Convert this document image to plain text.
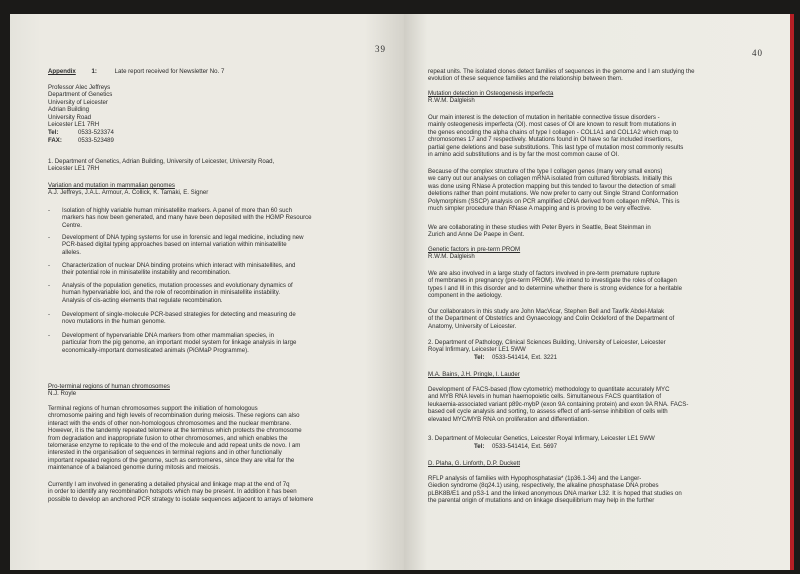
39
Appendix	1:	Late report received for Newsletter No. 7
Professor Alec Jeffreys
Department of Genetics
University of Leicester
Adrian Building
University Road
Leicester LE1 7RH
Tel:	0533-523374
FAX:	0533-523489
1. Department of Genetics, Adrian Building, University of Leicester, University Road,
Leicester LE1 7RH
Variation and mutation in mammalian genomes
A.J. Jeffreys, J.A.L. Armour, A. Collick, K. Tamaki, E. Signer
- Isolation of highly variable human minisatellite markers. A panel of more than 60 such
markers has now been generated, and many have been deposited with the HGMP Resource
Centre.
- Development of DNA typing systems for use in forensic and legal medicine, including new
PCR-based digital typing approaches based on internal variation within minisatellite
alleles.
- Characterization of nuclear DNA binding proteins which interact with minisatellites, and
their potential role in minisatellite instability and recombination.
- Analysis of the population genetics, mutation processes and evolutionary dynamics of
human hypervariable loci, and the role of recombination in minisatellite instability.
Analysis of cis-acting elements that regulate recombination.
- Development of single-molecule PCR-based strategies for detecting and measuring de
novo mutations in the human genome.
- Development of hypervariable DNA markers from other mammalian species, in
particular from the pig genome, an important model system for linkage analysis in large
economically-important domesticated animals (PiGMaP Programme).
Pro-terminal regions of human chromosomes
N.J. Royle
Terminal regions of human chromosomes support the initiation of homologous
chromosome pairing and high levels of recombination during meiosis. These regions can also
interact with the ends of other non-homologous chromosomes and the nuclear membrane.
However, it is the tandemly repeated telomere at the terminus which protects the chromosome
from degradation and inappropriate fusion to other chromosomes, and which enables the
telomerase enzyme to replicate to the end of the molecule and add repeat units de novo. I am
interested in the organisation of sequences in terminal regions and in other functionally
important repeated regions of the genome, such as centromeres, since they are vital for the
maintenance of a balanced genome during mitosis and meiosis.
Currently I am involved in generating a detailed physical and linkage map at the end of 7q
in order to identify any recombination hotspots which may be present. In addition it has been
possible to develop an anchored PCR strategy to isolate sequences adjacent to arrays of telomere
40
repeat units. The isolated clones detect families of sequences in the genome and I am studying the
evolution of these sequence families and the relationship between them.
Mutation detection in Osteogenesis imperfecta
R.W.M. Dalgleish
Our main interest is the detection of mutation in heritable connective tissue disorders -
mainly osteogenesis imperfecta (OI). most cases of OI are known to result from mutations in
the genes encoding the alpha chains of type I collagen - COL1A1 and COL1A2 which map to
chromosomes 17 and 7 respectively. Mutations found in OI have so far included insertions,
partial gene deletions and base substitutions. This last type of mutation most commonly results
in amino acid substitutions and is by far the most common cause of OI.
Because of the complex structure of the type I collagen genes (many very small exons)
we carry out our analyses on collagen mRNA isolated from cultured fibroblasts. Initially this
was done using RNase A protection mapping but this tended to favour the detection of small
deletions rather than point mutations. We now prefer to carry out Single Strand Conformation
Polymorphism (SSCP) analysis on PCR amplified cDNA derived from collagen mRNA. This is
much simpler procedure than RNase A mapping and is proving to be very effective.
We are collaborating in these studies with Peter Byers in Seattle, Beat Steinman in
Zurich and Anne De Paepe in Gent.
Genetic factors in pre-term PROM
R.W.M. Dalgleish
We are also involved in a large study of factors involved in pre-term premature rupture
of membranes in pregnancy (pre-term PROM). We intend to investigate the roles of collagen
types I and III in this disorder and to determine whether there is strong evidence for a heritable
component in the aetiology.
Our collaborators in this study are John MacVicar, Stephen Bell and Tawfik Abdel-Malak
of the Department of Obstetrics and Gynaecology and Colin Ockleford of the Department of
Anatomy, University of Leicester.
2. Department of Pathology, Clinical Sciences Building, University of Leicester, Leicester
Royal Infirmary, Leicester LE1 5WW
Tel: 0533-541414, Ext. 3221
M.A. Bains, J.H. Pringle, I. Lauder
Development of FACS-based (flow cytometric) methodology to quantitate accurately MYC
and MYB RNA levels in human haemopoietic cells. Simultaneous FACS quantitation of
leukaemia-associated variant p89c-mybP (exon 9A containing protein) and exon 9A RNA. FACS-
based cell cycle analysis and sorting, to assess effect of anti-sense inhibition of cells with
elevated MYC/MYB RNA on proliferation and differentiation.
3. Department of Molecular Genetics, Leicester Royal Infirmary, Leicester LE1 5WW
Tel: 0533-541414, Ext. 5697
D. Plaha, G. Linforth, D.P. Duckett
RFLP analysis of families with Hypophosphatasia* (1p36.1-34) and the Langer-
Giedion syndrome (8q24.1) using, respectively, the alkaline phosphatase DNA probes
pLBK8B/E1 and pS3-1 and the linked anonymous DNA marker L32. It is hoped that studies on
the parental origin of mutations and on linkage disequilibrium may help in the further
